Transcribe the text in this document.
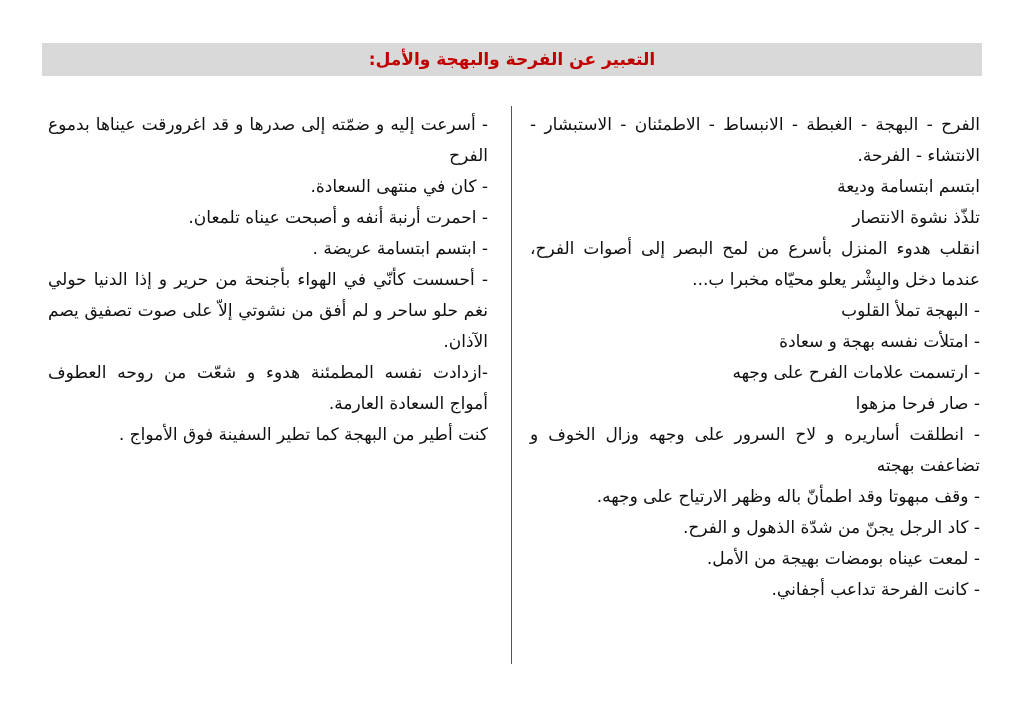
التعبير عن الفرحة والبهجة والأمل:

الفرح - البهجة - الغبطة - الانبساط - الاطمئنان - الاستبشار - الانتشاء - الفرحة.

ابتسم ابتسامة وديعة

تلذّذ نشوة الانتصار

انقلب هدوء المنزل بأسرع من لمح البصر إلى أصوات الفرح، عندما دخل والبِشْر يعلو محيّاه مخبرا ب...

- البهجة تملأ القلوب

- امتلأت نفسه بهجة و سعادة

- ارتسمت علامات الفرح على وجهه

- صار فرحا مزهوا

- انطلقت أساريره و لاح السرور على وجهه وزال الخوف و تضاعفت بهجته

- وقف مبهوتا وقد اطمأنّ باله وظهر الارتياح على وجهه.

- كاد الرجل يجنّ من شدّة الذهول و الفرح.

- لمعت عيناه بومضات بهيجة من الأمل.

- كانت الفرحة تداعب أجفاني.

- أسرعت إليه و ضمّته إلى صدرها و قد اغرورقت عيناها بدموع الفرح

- كان في منتهى السعادة.

- احمرت أرنبة أنفه و أصبحت عيناه تلمعان.

- ابتسم ابتسامة عريضة .

- أحسست كأنّي في الهواء بأجنحة من حرير و إذا الدنيا حولي نغم حلو ساحر و لم أفق من نشوتي إلاّ على صوت تصفيق يصم الآذان.

-ازدادت نفسه المطمئنة هدوء و شعّت من روحه العطوف أمواج السعادة العارمة.

كنت أطير من البهجة كما تطير السفينة فوق الأمواج .
